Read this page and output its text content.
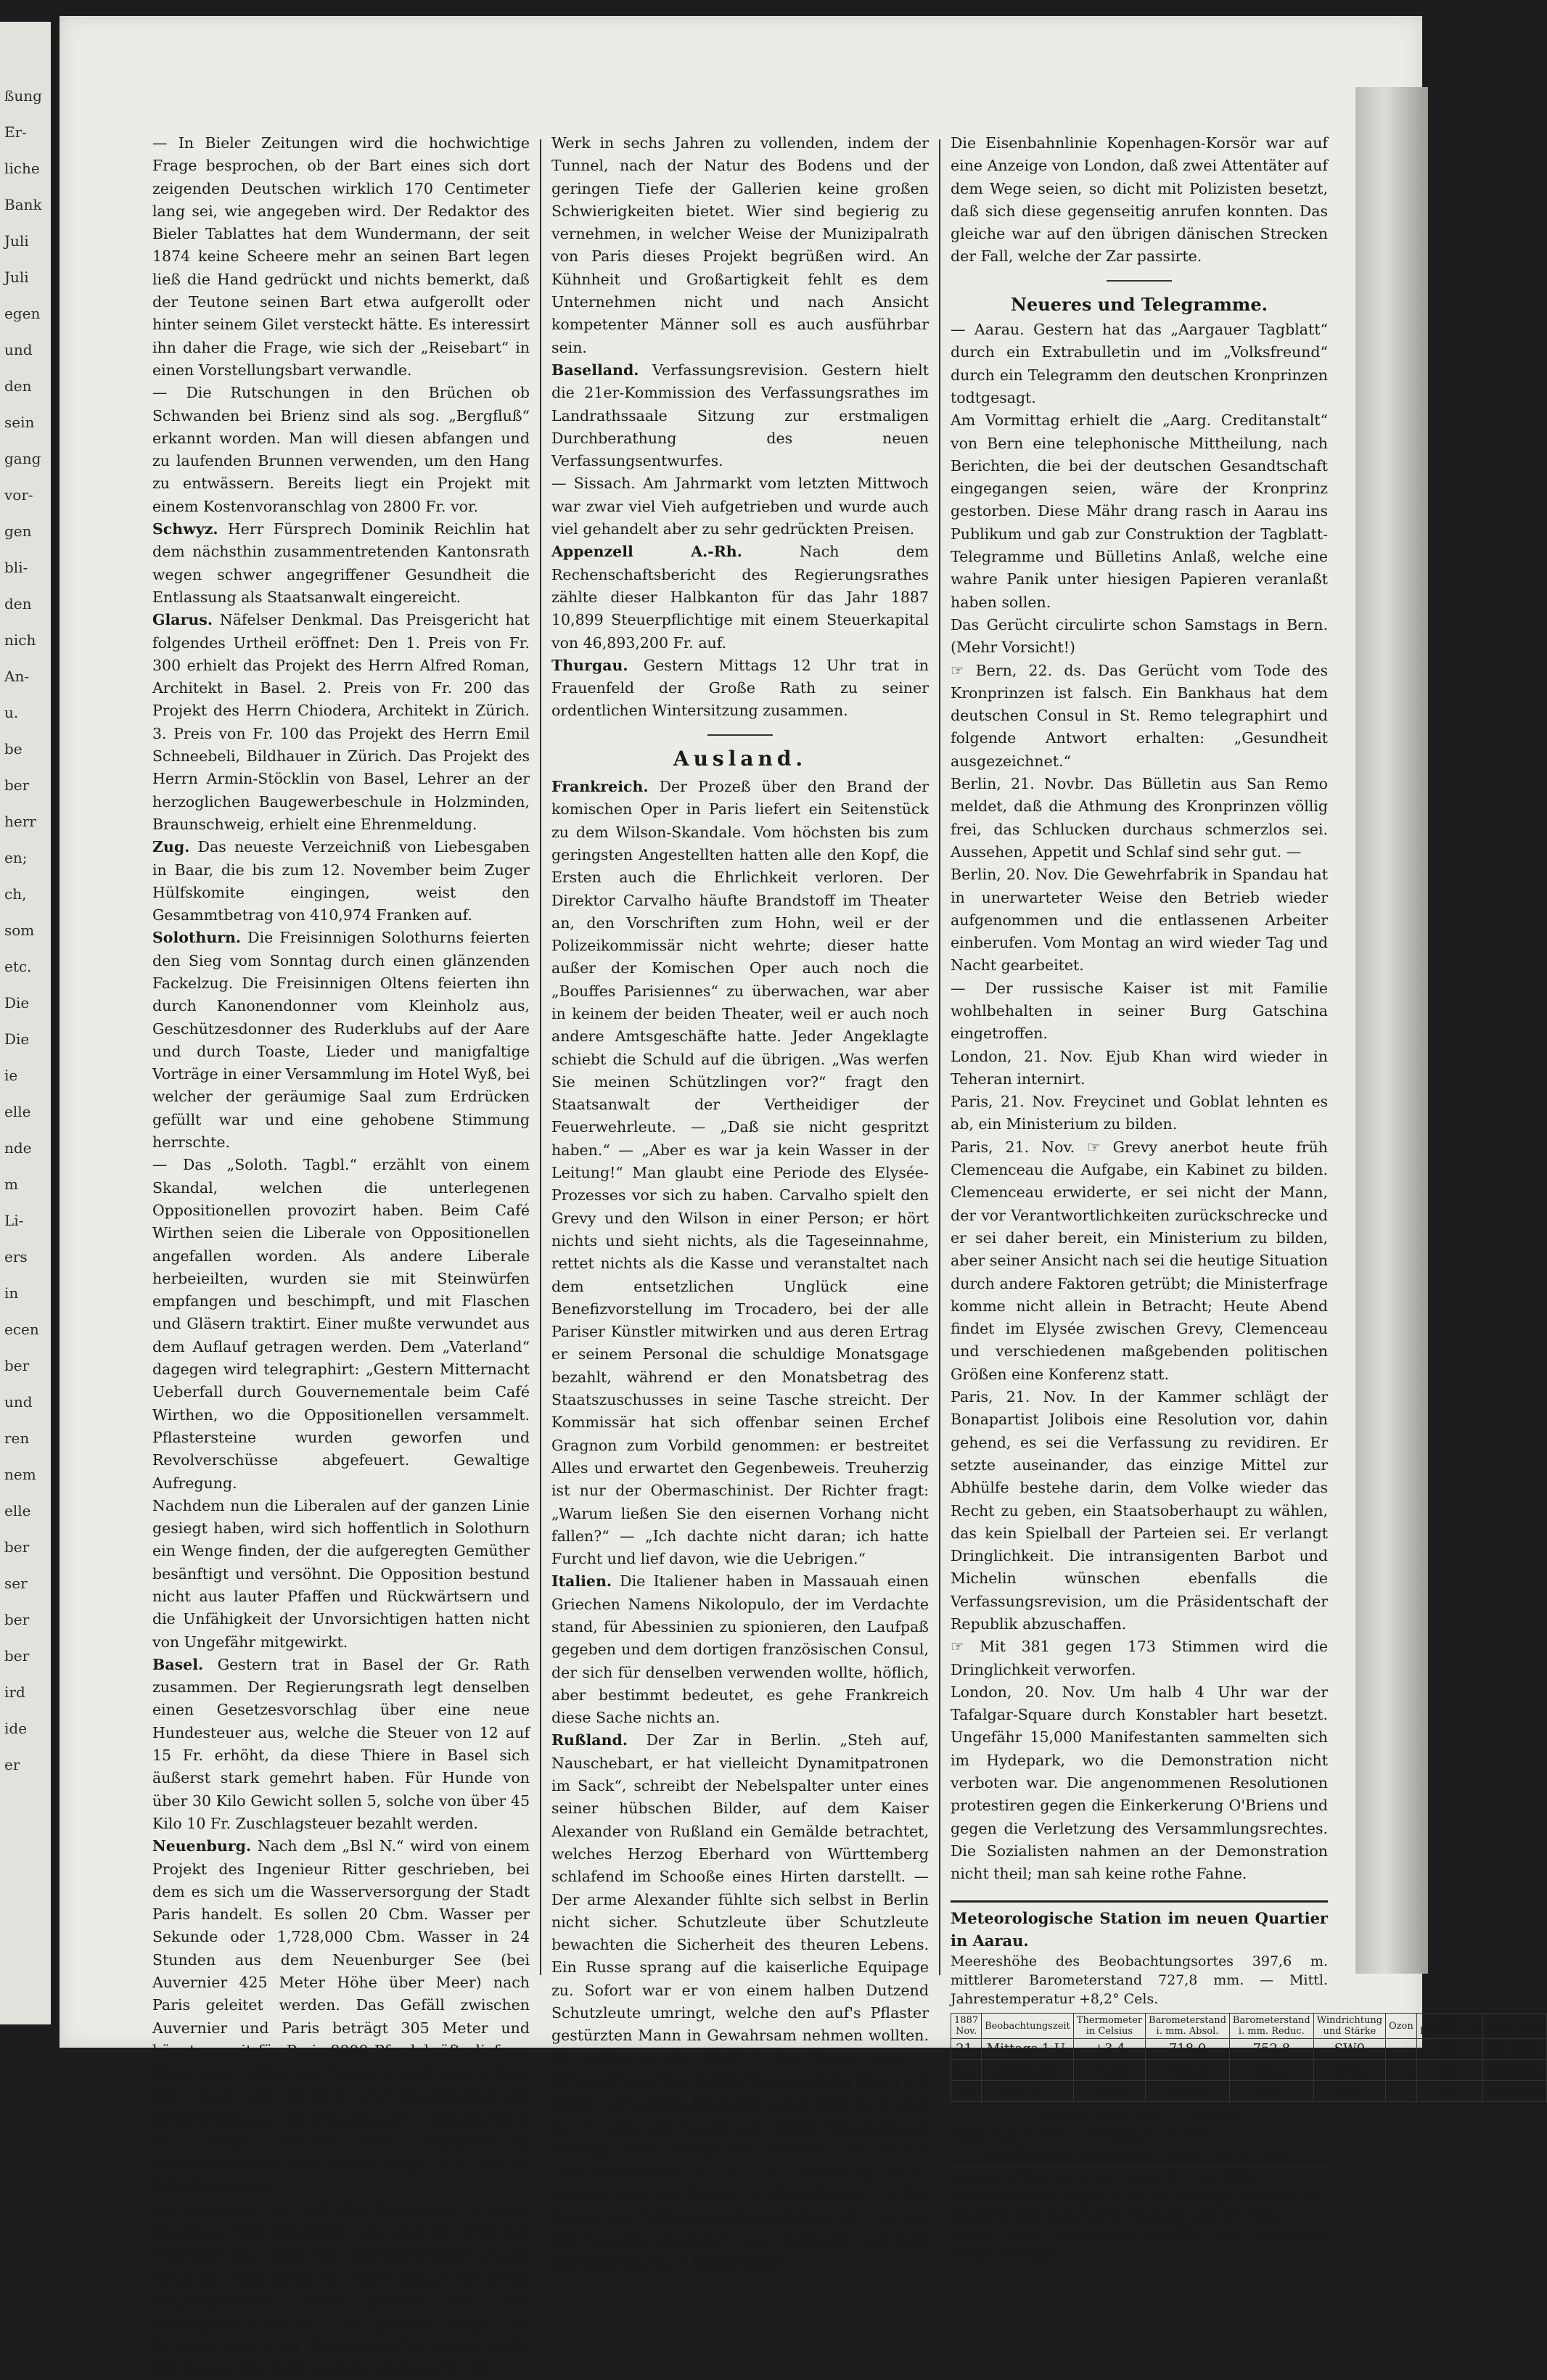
ßung
Er-
liche
Bank
Juli
Juli
egen
und
den
sein
gang
vor-
gen
bli-
den
nich
An-
u.
be
ber
herr
en;
ch,
som
etc.
Die
Die
ie
elle
nde
m
Li-
ers
in
ecen
ber
und
ren
nem
elle
ber
ser
ber
ber
ird
ide
er

— In Bieler Zeitungen wird die hochwichtige Frage besprochen, ob der Bart eines sich dort zeigenden Deutschen wirklich 170 Centimeter lang sei, wie angegeben wird. Der Redaktor des Bieler Tablattes hat dem Wundermann, der seit 1874 keine Scheere mehr an seinen Bart legen ließ die Hand gedrückt und nichts bemerkt, daß der Teutone seinen Bart etwa aufgerollt oder hinter seinem Gilet versteckt hätte. Es interessirt ihn daher die Frage, wie sich der „Reisebart“ in einen Vorstellungsbart verwandle.

— Die Rutschungen in den Brüchen ob Schwanden bei Brienz sind als sog. „Bergfluß“ erkannt worden. Man will diesen abfangen und zu laufenden Brunnen verwenden, um den Hang zu entwässern. Bereits liegt ein Projekt mit einem Kostenvoranschlag von 2800 Fr. vor.

Schwyz. Herr Fürsprech Dominik Reichlin hat dem nächsthin zusammentretenden Kantonsrath wegen schwer angegriffener Gesundheit die Entlassung als Staatsanwalt eingereicht.

Glarus. Näfelser Denkmal. Das Preisgericht hat folgendes Urtheil eröffnet: Den 1. Preis von Fr. 300 erhielt das Projekt des Herrn Alfred Roman, Architekt in Basel. 2. Preis von Fr. 200 das Projekt des Herrn Chiodera, Architekt in Zürich. 3. Preis von Fr. 100 das Projekt des Herrn Emil Schneebeli, Bildhauer in Zürich. Das Projekt des Herrn Armin-Stöcklin von Basel, Lehrer an der herzoglichen Baugewerbeschule in Holzminden, Braunschweig, erhielt eine Ehrenmeldung.

Zug. Das neueste Verzeichniß von Liebesgaben in Baar, die bis zum 12. November beim Zuger Hülfskomite eingingen, weist den Gesammtbetrag von 410,974 Franken auf.

Solothurn. Die Freisinnigen Solothurns feierten den Sieg vom Sonntag durch einen glänzenden Fackelzug. Die Freisinnigen Oltens feierten ihn durch Kanonendonner vom Kleinholz aus, Geschützesdonner des Ruderklubs auf der Aare und durch Toaste, Lieder und manigfaltige Vorträge in einer Versammlung im Hotel Wyß, bei welcher der geräumige Saal zum Erdrücken gefüllt war und eine gehobene Stimmung herrschte.

— Das „Soloth. Tagbl.“ erzählt von einem Skandal, welchen die unterlegenen Oppositionellen provozirt haben. Beim Café Wirthen seien die Liberale von Oppositionellen angefallen worden. Als andere Liberale herbeieilten, wurden sie mit Steinwürfen empfangen und beschimpft, und mit Flaschen und Gläsern traktirt. Einer mußte verwundet aus dem Auflauf getragen werden. Dem „Vaterland“ dagegen wird telegraphirt: „Gestern Mitternacht Ueberfall durch Gouvernementale beim Café Wirthen, wo die Oppositionellen versammelt. Pflastersteine wurden geworfen und Revolverschüsse abgefeuert. Gewaltige Aufregung.

Nachdem nun die Liberalen auf der ganzen Linie gesiegt haben, wird sich hoffentlich in Solothurn ein Wenge finden, der die aufgeregten Gemüther besänftigt und versöhnt. Die Opposition bestund nicht aus lauter Pfaffen und Rückwärtsern und die Unfähigkeit der Unvorsichtigen hatten nicht von Ungefähr mitgewirkt.

Basel. Gestern trat in Basel der Gr. Rath zusammen. Der Regierungsrath legt denselben einen Gesetzesvorschlag über eine neue Hundesteuer aus, welche die Steuer von 12 auf 15 Fr. erhöht, da diese Thiere in Basel sich äußerst stark gemehrt haben. Für Hunde von über 30 Kilo Gewicht sollen 5, solche von über 45 Kilo 10 Fr. Zuschlagsteuer bezahlt werden.

Neuenburg. Nach dem „Bsl N.“ wird von einem Projekt des Ingenieur Ritter geschrieben, bei dem es sich um die Wasserversorgung der Stadt Paris handelt. Es sollen 20 Cbm. Wasser per Sekunde oder 1,728,000 Cbm. Wasser in 24 Stunden aus dem Neuenburger See (bei Auvernier 425 Meter Höhe über Meer) nach Paris geleitet werden. Das Gefäll zwischen Auvernier und Paris beträgt 305 Meter und könnte somit für Paris 8000 Pferdekräfte liefern. Dazu wäre nöthig ein Tunnel durch den Jura in der Länge von 35 Klm. und ausmündend bei Blanchefontaine im französischen Departement du Doubs, sodann eine Wasserleitung Blanchefontaine-Paris in der Länge von 450 bis 500 Kilometern.

Zu bemerken ist, daß das Seewasser in einer gewissen Tiefe geschöpft, sehr rein ist, denn das Nordufer des Sees hat gewissermassen weder Schlamm noch Sand. Hr. Ritter glaubt, mit sechs Angriffspunkten, einer großen Zahl von Zugangsgallerien auf der ganzen Länge des Tunnels, und unter Benützung der Wasserkräfte der Reuse, des Dubs und des Dessoubre, das

Werk in sechs Jahren zu vollenden, indem der Tunnel, nach der Natur des Bodens und der geringen Tiefe der Gallerien keine großen Schwierigkeiten bietet. Wier sind begierig zu vernehmen, in welcher Weise der Munizipalrath von Paris dieses Projekt begrüßen wird. An Kühnheit und Großartigkeit fehlt es dem Unternehmen nicht und nach Ansicht kompetenter Männer soll es auch ausführbar sein.

Baselland. Verfassungsrevision. Gestern hielt die 21er-Kommission des Verfassungsrathes im Landrathssaale Sitzung zur erstmaligen Durchberathung des neuen Verfassungsentwurfes.

— Sissach. Am Jahrmarkt vom letzten Mittwoch war zwar viel Vieh aufgetrieben und wurde auch viel gehandelt aber zu sehr gedrückten Preisen.

Appenzell A.-Rh. Nach dem Rechenschaftsbericht des Regierungsrathes zählte dieser Halbkanton für das Jahr 1887 10,899 Steuerpflichtige mit einem Steuerkapital von 46,893,200 Fr. auf.

Thurgau. Gestern Mittags 12 Uhr trat in Frauenfeld der Große Rath zu seiner ordentlichen Wintersitzung zusammen.

Ausland.

Frankreich. Der Prozeß über den Brand der komischen Oper in Paris liefert ein Seitenstück zu dem Wilson-Skandale. Vom höchsten bis zum geringsten Angestellten hatten alle den Kopf, die Ersten auch die Ehrlichkeit verloren. Der Direktor Carvalho häufte Brandstoff im Theater an, den Vorschriften zum Hohn, weil er der Polizeikommissär nicht wehrte; dieser hatte außer der Komischen Oper auch noch die „Bouffes Parisiennes“ zu überwachen, war aber in keinem der beiden Theater, weil er auch noch andere Amtsgeschäfte hatte. Jeder Angeklagte schiebt die Schuld auf die übrigen. „Was werfen Sie meinen Schützlingen vor?“ fragt den Staatsanwalt der Vertheidiger der Feuerwehrleute. — „Daß sie nicht gespritzt haben.“ — „Aber es war ja kein Wasser in der Leitung!“ Man glaubt eine Periode des Elysée-Prozesses vor sich zu haben. Carvalho spielt den Grevy und den Wilson in einer Person; er hört nichts und sieht nichts, als die Tageseinnahme, rettet nichts als die Kasse und veranstaltet nach dem entsetzlichen Unglück eine Benefizvorstellung im Trocadero, bei der alle Pariser Künstler mitwirken und aus deren Ertrag er seinem Personal die schuldige Monatsgage bezahlt, während er den Monatsbetrag des Staatszuschusses in seine Tasche streicht. Der Kommissär hat sich offenbar seinen Erchef Gragnon zum Vorbild genommen: er bestreitet Alles und erwartet den Gegenbeweis. Treuherzig ist nur der Obermaschinist. Der Richter fragt: „Warum ließen Sie den eisernen Vorhang nicht fallen?“ — „Ich dachte nicht daran; ich hatte Furcht und lief davon, wie die Uebrigen.“

Italien. Die Italiener haben in Massauah einen Griechen Namens Nikolopulo, der im Verdachte stand, für Abessinien zu spionieren, den Laufpaß gegeben und dem dortigen französischen Consul, der sich für denselben verwenden wollte, höflich, aber bestimmt bedeutet, es gehe Frankreich diese Sache nichts an.

Rußland. Der Zar in Berlin. „Steh auf, Nauschebart, er hat vielleicht Dynamitpatronen im Sack“, schreibt der Nebelspalter unter eines seiner hübschen Bilder, auf dem Kaiser Alexander von Rußland ein Gemälde betrachtet, welches Herzog Eberhard von Württemberg schlafend im Schooße eines Hirten darstellt. — Der arme Alexander fühlte sich selbst in Berlin nicht sicher. Schutzleute über Schutzleute bewachten die Sicherheit des theuren Lebens. Ein Russe sprang auf die kaiserliche Equipage zu. Sofort war er von einem halben Dutzend Schutzleute umringt, welche den auf's Pflaster gestürzten Mann in Gewahrsam nehmen wollten. Er wollte in das Gefährt des Zaren eine — Bittschrift werfen. Gefährlicher war ein Mann mit einem schwarzen Kästchen unter dem Arm, der, wo er ging und stund, von einem Schutzmanne verfolgt ward. Aergerlich hierüber, trat er auf den Beobachter zu mit der Warnung: Bitte, nehmen Sie das Packet in Verwahrung, bis der Kaiser von Rußland vorübergefahren ist.“ Es war ein Commis voyageur aus Hamburg mit dem unvermeidlichen Marmöttchen. —

Die Eisenbahnlinie Kopenhagen-Korsör war auf eine Anzeige von London, daß zwei Attentäter auf dem Wege seien, so dicht mit Polizisten besetzt, daß sich diese gegenseitig anrufen konnten. Das gleiche war auf den übrigen dänischen Strecken der Fall, welche der Zar passirte.

Neueres und Telegramme.

— Aarau. Gestern hat das „Aargauer Tagblatt“ durch ein Extrabulletin und im „Volksfreund“ durch ein Telegramm den deutschen Kronprinzen todtgesagt.

Am Vormittag erhielt die „Aarg. Creditanstalt“ von Bern eine telephonische Mittheilung, nach Berichten, die bei der deutschen Gesandtschaft eingegangen seien, wäre der Kronprinz gestorben. Diese Mähr drang rasch in Aarau ins Publikum und gab zur Construktion der Tagblatt-Telegramme und Bülletins Anlaß, welche eine wahre Panik unter hiesigen Papieren veranlaßt haben sollen.

Das Gerücht circulirte schon Samstags in Bern. (Mehr Vorsicht!)

☞ Bern, 22. ds. Das Gerücht vom Tode des Kronprinzen ist falsch. Ein Bankhaus hat dem deutschen Consul in St. Remo telegraphirt und folgende Antwort erhalten: „Gesundheit ausgezeichnet.“

Berlin, 21. Novbr. Das Bülletin aus San Remo meldet, daß die Athmung des Kronprinzen völlig frei, das Schlucken durchaus schmerzlos sei. Aussehen, Appetit und Schlaf sind sehr gut. —

Berlin, 20. Nov. Die Gewehrfabrik in Spandau hat in unerwarteter Weise den Betrieb wieder aufgenommen und die entlassenen Arbeiter einberufen. Vom Montag an wird wieder Tag und Nacht gearbeitet.

— Der russische Kaiser ist mit Familie wohlbehalten in seiner Burg Gatschina eingetroffen.

London, 21. Nov. Ejub Khan wird wieder in Teheran internirt.

Paris, 21. Nov. Freycinet und Goblat lehnten es ab, ein Ministerium zu bilden.

Paris, 21. Nov. ☞ Grevy anerbot heute früh Clemenceau die Aufgabe, ein Kabinet zu bilden. Clemenceau erwiderte, er sei nicht der Mann, der vor Verantwortlichkeiten zurückschrecke und er sei daher bereit, ein Ministerium zu bilden, aber seiner Ansicht nach sei die heutige Situation durch andere Faktoren getrübt; die Ministerfrage komme nicht allein in Betracht; Heute Abend findet im Elysée zwischen Grevy, Clemenceau und verschiedenen maßgebenden politischen Größen eine Konferenz statt.

Paris, 21. Nov. In der Kammer schlägt der Bonapartist Jolibois eine Resolution vor, dahin gehend, es sei die Verfassung zu revidiren. Er setzte auseinander, das einzige Mittel zur Abhülfe bestehe darin, dem Volke wieder das Recht zu geben, ein Staatsoberhaupt zu wählen, das kein Spielball der Parteien sei. Er verlangt Dringlichkeit. Die intransigenten Barbot und Michelin wünschen ebenfalls die Verfassungsrevision, um die Präsidentschaft der Republik abzuschaffen.

☞ Mit 381 gegen 173 Stimmen wird die Dringlichkeit verworfen.

London, 20. Nov. Um halb 4 Uhr war der Tafalgar-Square durch Konstabler hart besetzt. Ungefähr 15,000 Manifestanten sammelten sich im Hydepark, wo die Demonstration nicht verboten war. Die angenommenen Resolutionen protestiren gegen die Einkerkerung O'Briens und gegen die Verletzung des Versammlungsrechtes. Die Sozialisten nahmen an der Demonstration nicht theil; man sah keine rothe Fahne.

Meteorologische Station im neuen Quartier in Aarau.
Meereshöhe des Beobachtungsortes 397,6 m. mittlerer Barometerstand 727,8 mm. — Mittl. Jahrestemperatur +8,2° Cels.
1887 Nov.	Beobachtungszeit	Thermometer in Celsius	Barometerstand i. mm. Absol.	Barometerstand i. mm. Reduc.	Windrichtung und Stärke	Ozon	Rel. Feuchtigkeit	Witterung
21.	Mittags 1 U.	+3,4	718,0	752,8	SW0		84	bewölkt.
21.	Abends 9	+1,9	719,8	754,4	SW0		92	bedeckt.
22.	Morg. 7	+2,9	720,5	755,4	W0		91	bedeckt.
Beobachtung um 7 Uhr früh;
Maximum +3,4° C. Minimum +0,3° C.
Niederschlag gemessen 7 Uhr früh 3,7 Mm.
Pariser Observatorium vom 21. Nov. 1887.
Wahrscheinlich Regen u. etwas niedrige Temperatur.
Zürcher Witterungsaussichten vom 22. Nov.
Immer noch vorwiegend bewölkt, mit zeitweisen Niederschlägen.
